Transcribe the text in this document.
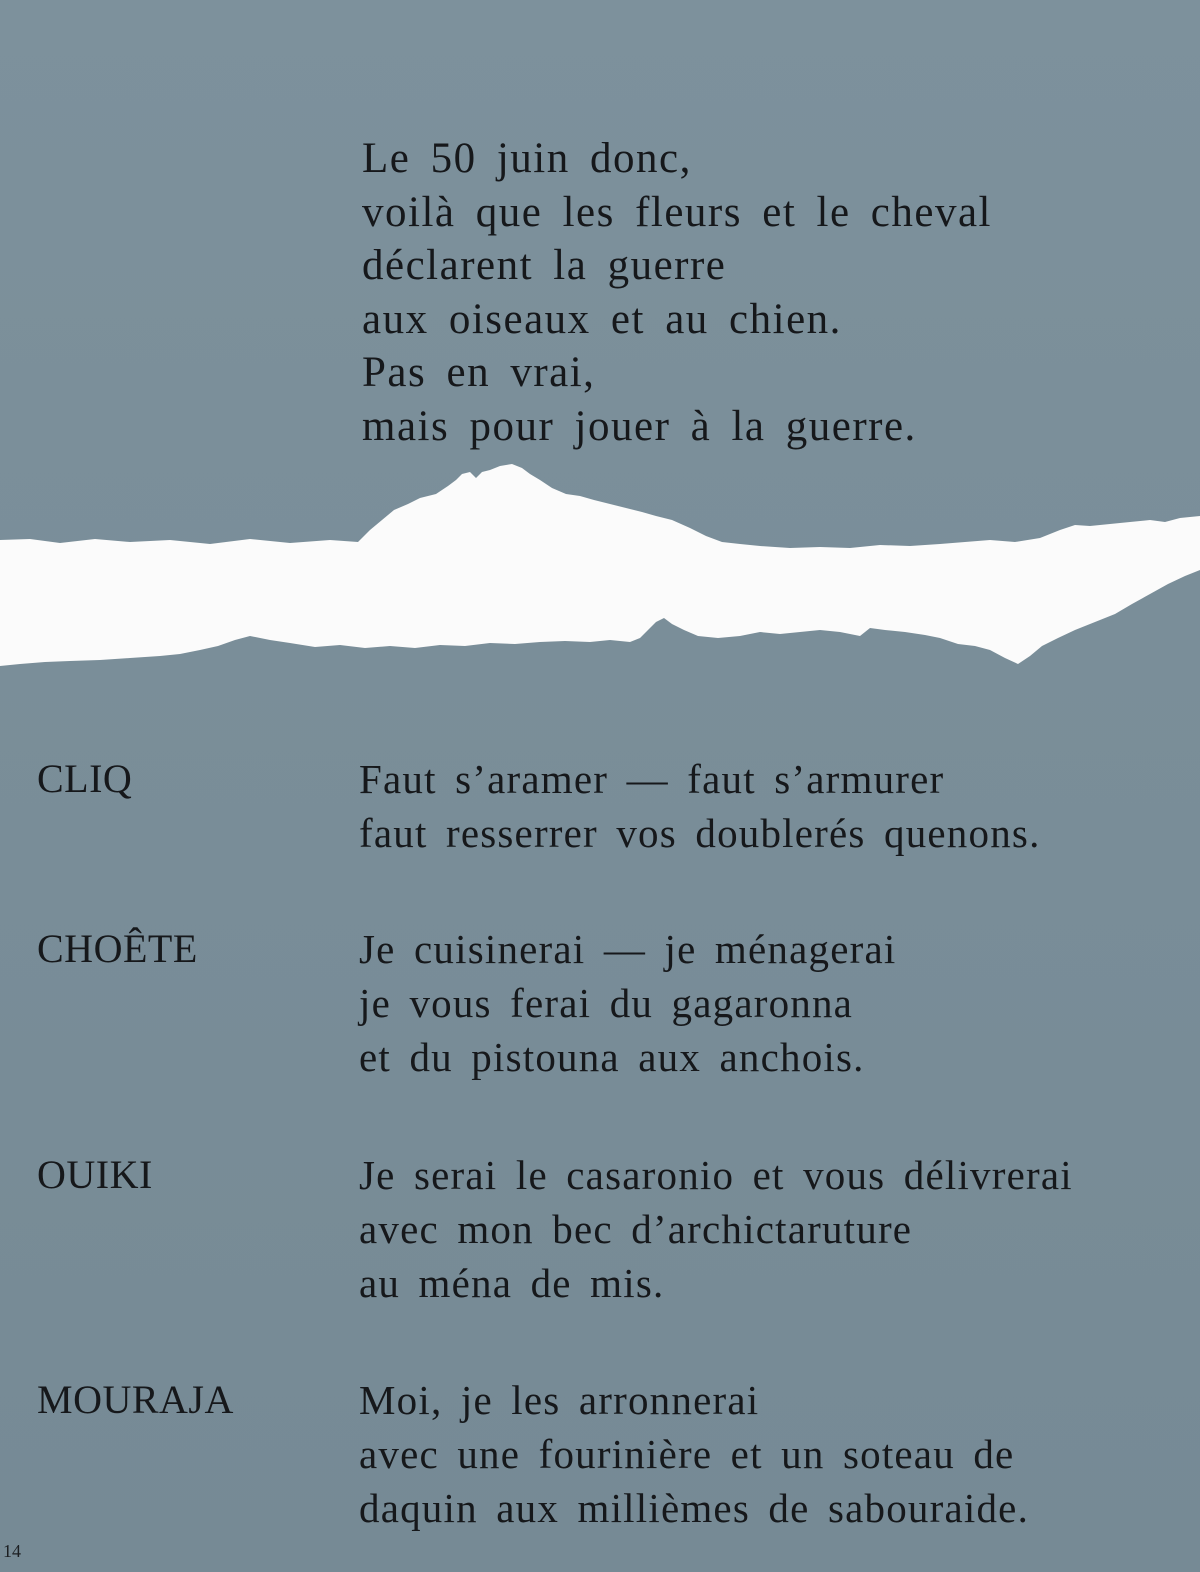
Le 50 juin donc,
voilà que les fleurs et le cheval
déclarent la guerre
aux oiseaux et au chien.
Pas en vrai,
mais pour jouer à la guerre.
CLIQ	Faut s’aramer — faut s’armurer
faut resserrer vos doublerés quenons.
CHOÊTE	Je cuisinerai — je ménagerai
je vous ferai du gagaronna
et du pistouna aux anchois.
OUIKI	Je serai le casaronio et vous délivrerai
avec mon bec d’archictaruture
au ména de mis.
MOURAJA	Moi, je les arronnerai
avec une fourinière et un soteau de
daquin aux millièmes de sabouraide.
14
